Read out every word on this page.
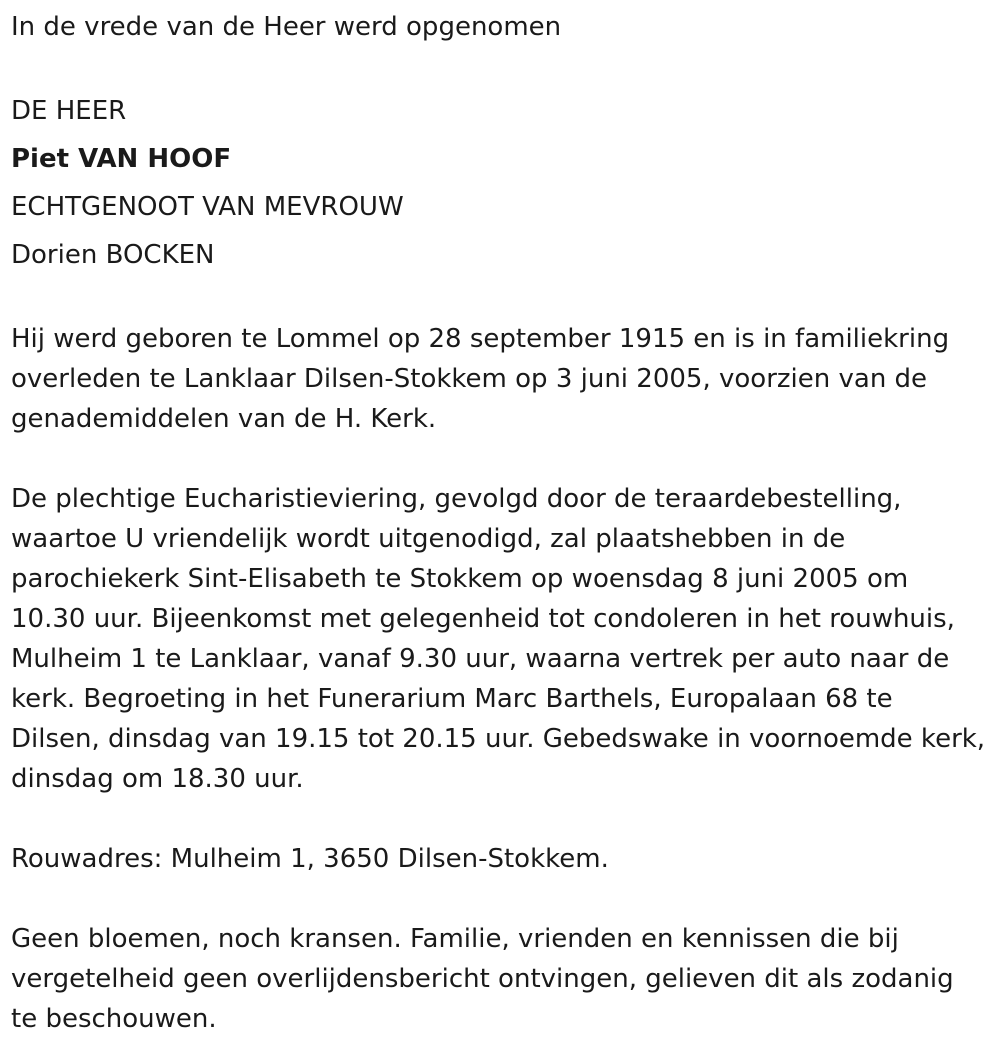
In de vrede van de Heer werd opgenomen

DE HEER

Piet VAN HOOF

ECHTGENOOT VAN MEVROUW

Dorien BOCKEN

Hij werd geboren te Lommel op 28 september 1915 en is in familiekring overleden te Lanklaar Dilsen-Stokkem op 3 juni 2005, voorzien van de genademiddelen van de H. Kerk.

De plechtige Eucharistieviering, gevolgd door de teraardebestelling, waartoe U vriendelijk wordt uitgenodigd, zal plaatshebben in de parochiekerk Sint-Elisabeth te Stokkem op woensdag 8 juni 2005 om 10.30 uur. Bijeenkomst met gelegenheid tot condoleren in het rouwhuis, Mulheim 1 te Lanklaar, vanaf 9.30 uur, waarna vertrek per auto naar de kerk. Begroeting in het Funerarium Marc Barthels, Europalaan 68 te Dilsen, dinsdag van 19.15 tot 20.15 uur. Gebedswake in voornoemde kerk, dinsdag om 18.30 uur.

Rouwadres: Mulheim 1, 3650 Dilsen-Stokkem.

Geen bloemen, noch kransen. Familie, vrienden en kennissen die bij vergetelheid geen overlijdensbericht ontvingen, gelieven dit als zodanig te beschouwen.
